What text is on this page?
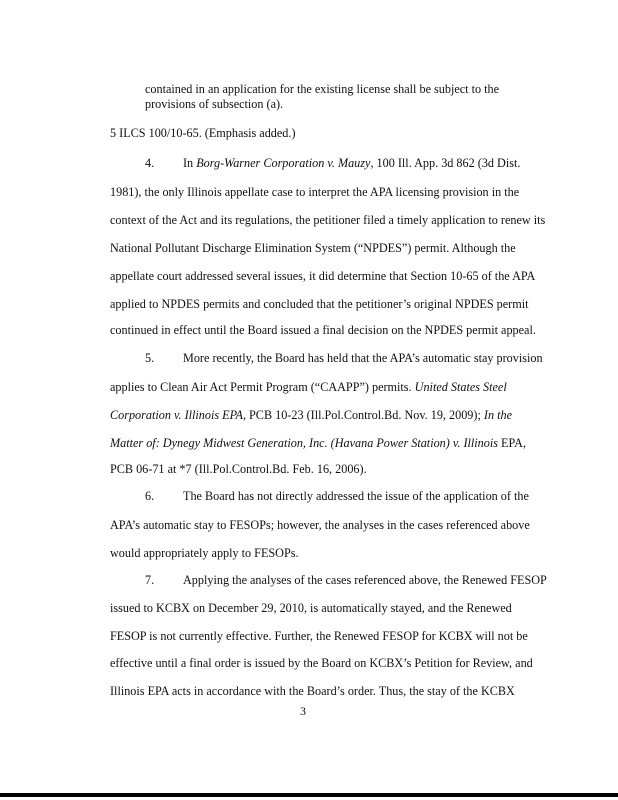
contained in an application for the existing license shall be subject to the
provisions of subsection (a).
5 ILCS 100/10-65. (Emphasis added.)
4. In Borg-Warner Corporation v. Mauzy, 100 Ill. App. 3d 862 (3d Dist.
1981), the only Illinois appellate case to interpret the APA licensing provision in the
context of the Act and its regulations, the petitioner filed a timely application to renew its
National Pollutant Discharge Elimination System (“NPDES”) permit. Although the
appellate court addressed several issues, it did determine that Section 10-65 of the APA
applied to NPDES permits and concluded that the petitioner’s original NPDES permit
continued in effect until the Board issued a final decision on the NPDES permit appeal.
5. More recently, the Board has held that the APA’s automatic stay provision
applies to Clean Air Act Permit Program (“CAAPP”) permits. United States Steel
Corporation v. Illinois EPA, PCB 10-23 (Ill.Pol.Control.Bd. Nov. 19, 2009); In the
Matter of: Dynegy Midwest Generation, Inc. (Havana Power Station) v. Illinois EPA,
PCB 06-71 at *7 (Ill.Pol.Control.Bd. Feb. 16, 2006).
6. The Board has not directly addressed the issue of the application of the
APA’s automatic stay to FESOPs; however, the analyses in the cases referenced above
would appropriately apply to FESOPs.
7. Applying the analyses of the cases referenced above, the Renewed FESOP
issued to KCBX on December 29, 2010, is automatically stayed, and the Renewed
FESOP is not currently effective. Further, the Renewed FESOP for KCBX will not be
effective until a final order is issued by the Board on KCBX’s Petition for Review, and
Illinois EPA acts in accordance with the Board’s order. Thus, the stay of the KCBX
3
